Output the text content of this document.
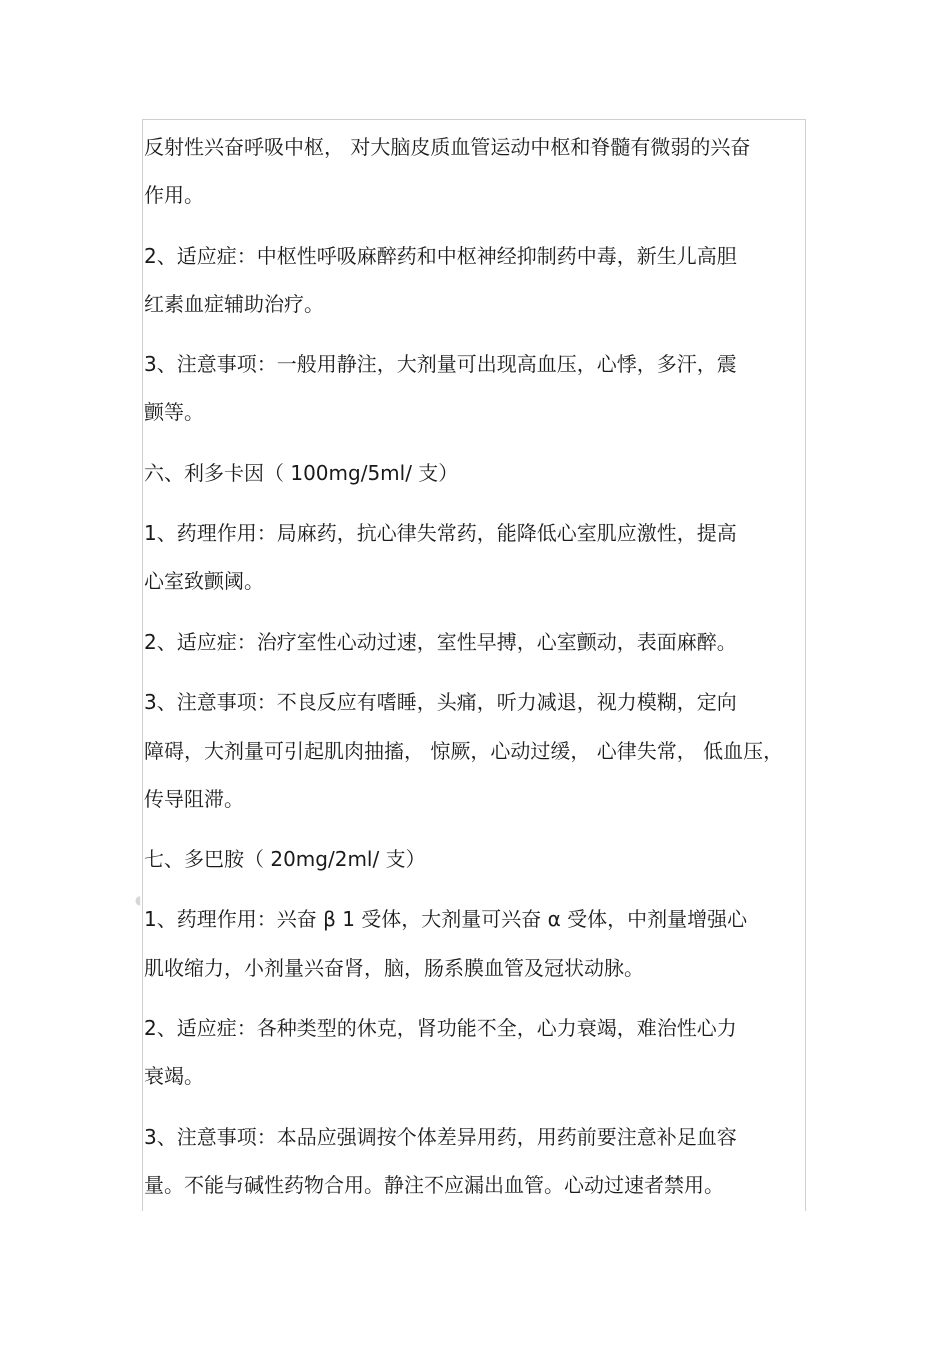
◖
反射性兴奋呼吸中枢， 对大脑皮质血管运动中枢和脊髓有微弱的兴奋
作用。
2、适应症：中枢性呼吸麻醉药和中枢神经抑制药中毒，新生儿高胆
红素血症辅助治疗。
3、注意事项：一般用静注，大剂量可出现高血压，心悸，多汗，震
颤等。
六、利多卡因（ 100mg/5ml/ 支）
1、药理作用：局麻药，抗心律失常药，能降低心室肌应激性，提高
心室致颤阈。
2、适应症：治疗室性心动过速，室性早搏，心室颤动，表面麻醉。
3、注意事项：不良反应有嗜睡，头痛，听力减退，视力模糊，定向
障碍，大剂量可引起肌肉抽搐， 惊厥，心动过缓， 心律失常， 低血压，
传导阻滞。
七、多巴胺（ 20mg/2ml/ 支）
1、药理作用：兴奋 β 1 受体，大剂量可兴奋 α 受体，中剂量增强心
肌收缩力，小剂量兴奋肾，脑，肠系膜血管及冠状动脉。
2、适应症：各种类型的休克，肾功能不全，心力衰竭，难治性心力
衰竭。
3、注意事项：本品应强调按个体差异用药，用药前要注意补足血容
量。不能与碱性药物合用。静注不应漏出血管。心动过速者禁用。
